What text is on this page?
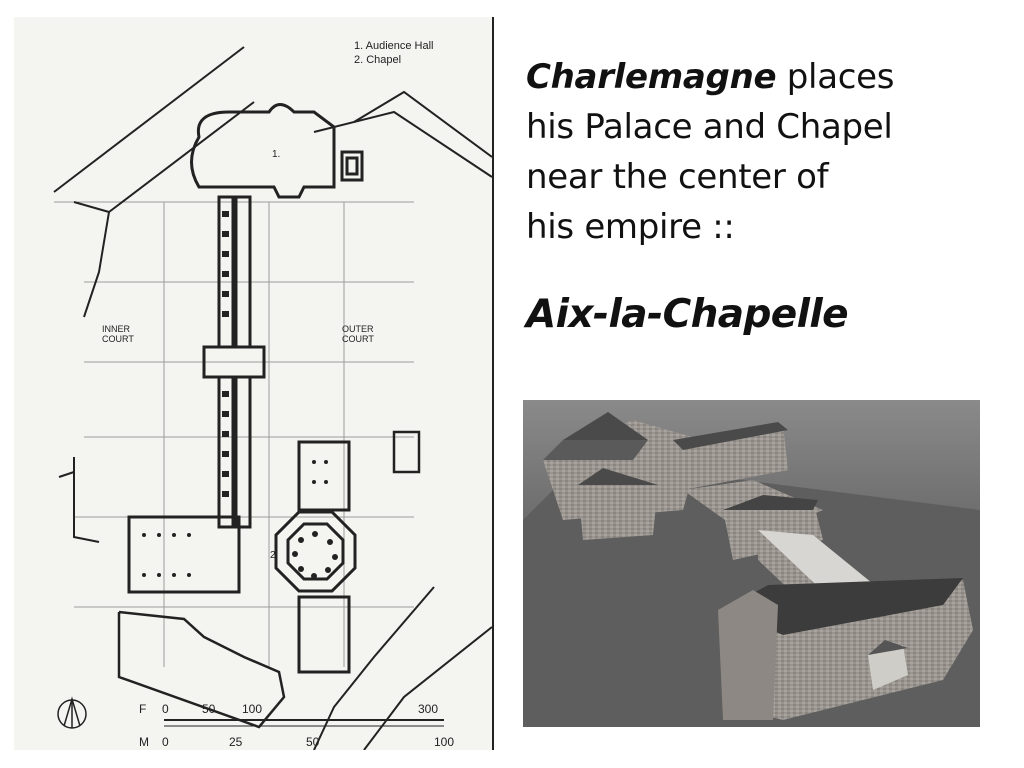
1. Audience Hall
2. Chapel
INNER
COURT
OUTER
COURT
1.
2
F 0	50 100	300
M 0	25	50	100
Charlemagne places
his Palace and Chapel
near the center of
his empire ::
Aix-la-Chapelle
